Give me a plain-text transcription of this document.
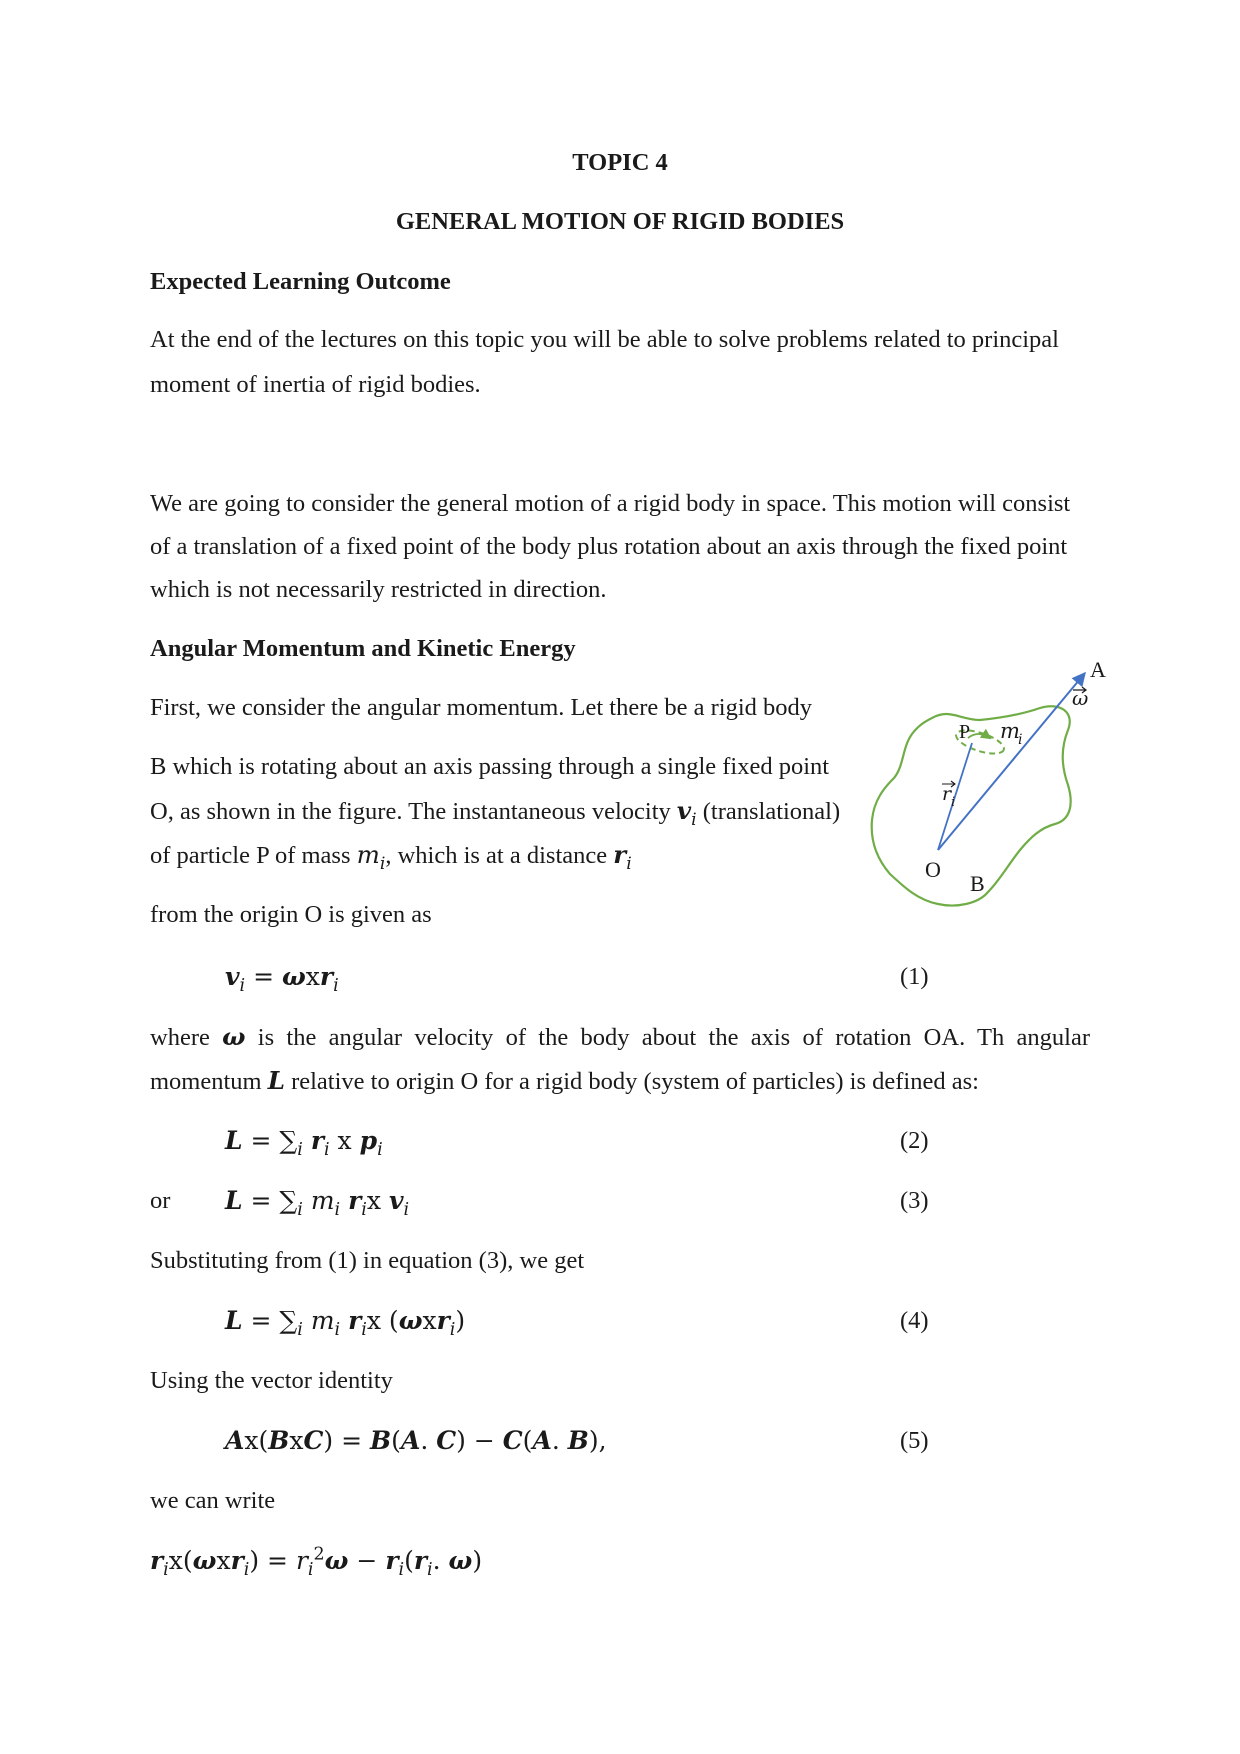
TOPIC 4
GENERAL MOTION OF RIGID BODIES
Expected Learning Outcome
At the end of the lectures on this topic you will be able to solve problems related to principal
moment of inertia of rigid bodies.
We are going to consider the general motion of a rigid body in space. This motion will consist
of a translation of a fixed point of the body plus rotation about an axis through the fixed point
which is not necessarily restricted in direction.
Angular Momentum and Kinetic Energy
First, we consider the angular momentum. Let there be a rigid body
B which is rotating about an axis passing through a single fixed point
O, as shown in the figure. The instantaneous velocity $v_i$ (translational)
of particle P of mass $m_i$, which is at a distance $r_i$
from the origin O is given as
$v_i = \omega xr_i$	(1)
where ω is the angular velocity of the body about the axis of rotation OA. Th angular
momentum L relative to origin O for a rigid body (system of particles) is defined as:
$L = \sum_i$ $r_i$ x $p_i$	(2)
or $L = \sum_i$ $m_i$ $r_ix$ $v_i$	(3)
Substituting from (1) in equation (3), we get
$L = \sum_i$ $m_i$ $r_ix$ (ωxr$_i$)	(4)
Using the vector identity
Ax(BxC) = B(A. C) − C(A. B),	(5)
we can write
$r_ix(\omega xr_i) = r_i^2\omega - r_i(r_i$. ω)
A
ω
P m
i
r i
O
B
